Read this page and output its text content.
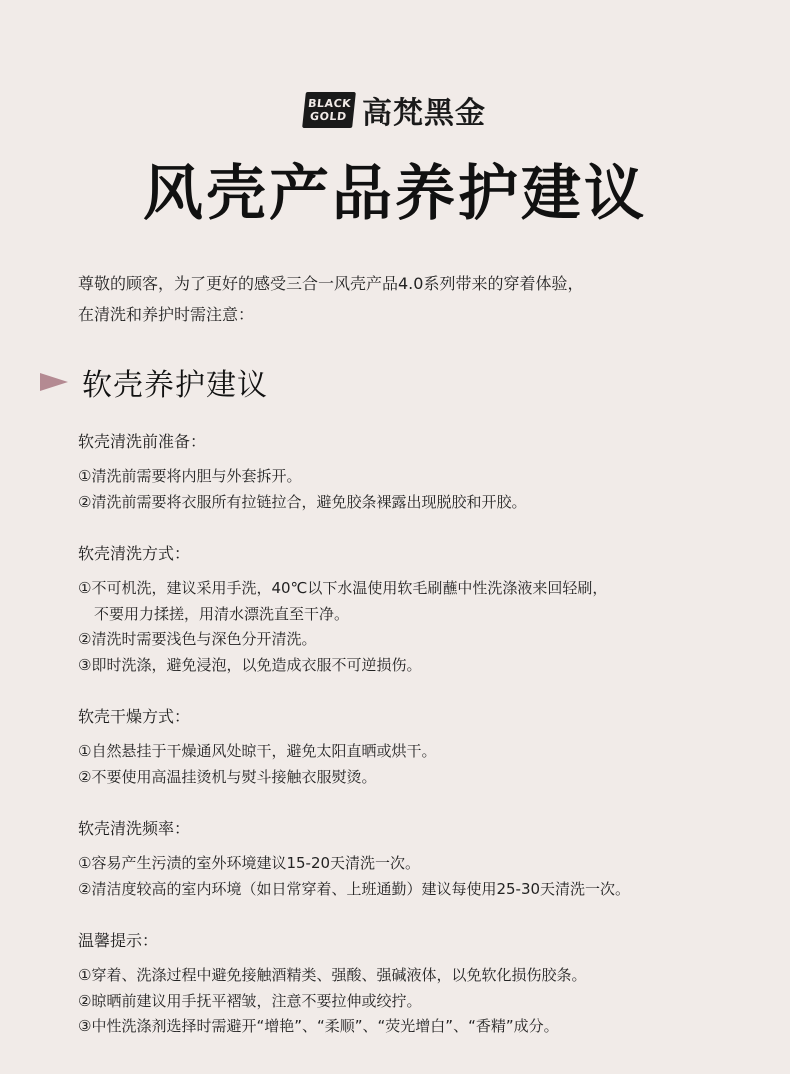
BLACK
GOLD 高梵黑金
风壳产品养护建议
尊敬的顾客，为了更好的感受三合一风壳产品4.0系列带来的穿着体验，
在清洗和养护时需注意：
软壳养护建议

软壳清洗前准备：

①清洗前需要将内胆与外套拆开。

②清洗前需要将衣服所有拉链拉合，避免胶条裸露出现脱胶和开胶。

软壳清洗方式：

①不可机洗，建议采用手洗，40℃以下水温使用软毛刷蘸中性洗涤液来回轻刷，

不要用力揉搓，用清水漂洗直至干净。

②清洗时需要浅色与深色分开清洗。

③即时洗涤，避免浸泡，以免造成衣服不可逆损伤。

软壳干燥方式：

①自然悬挂于干燥通风处晾干，避免太阳直晒或烘干。

②不要使用高温挂烫机与熨斗接触衣服熨烫。

软壳清洗频率：

①容易产生污渍的室外环境建议15-20天清洗一次。

②清洁度较高的室内环境（如日常穿着、上班通勤）建议每使用25-30天清洗一次。

温馨提示：

①穿着、洗涤过程中避免接触酒精类、强酸、强碱液体，以免软化损伤胶条。

②晾晒前建议用手抚平褶皱，注意不要拉伸或绞拧。

③中性洗涤剂选择时需避开“增艳”、“柔顺”、“荧光增白”、“香精”成分。
